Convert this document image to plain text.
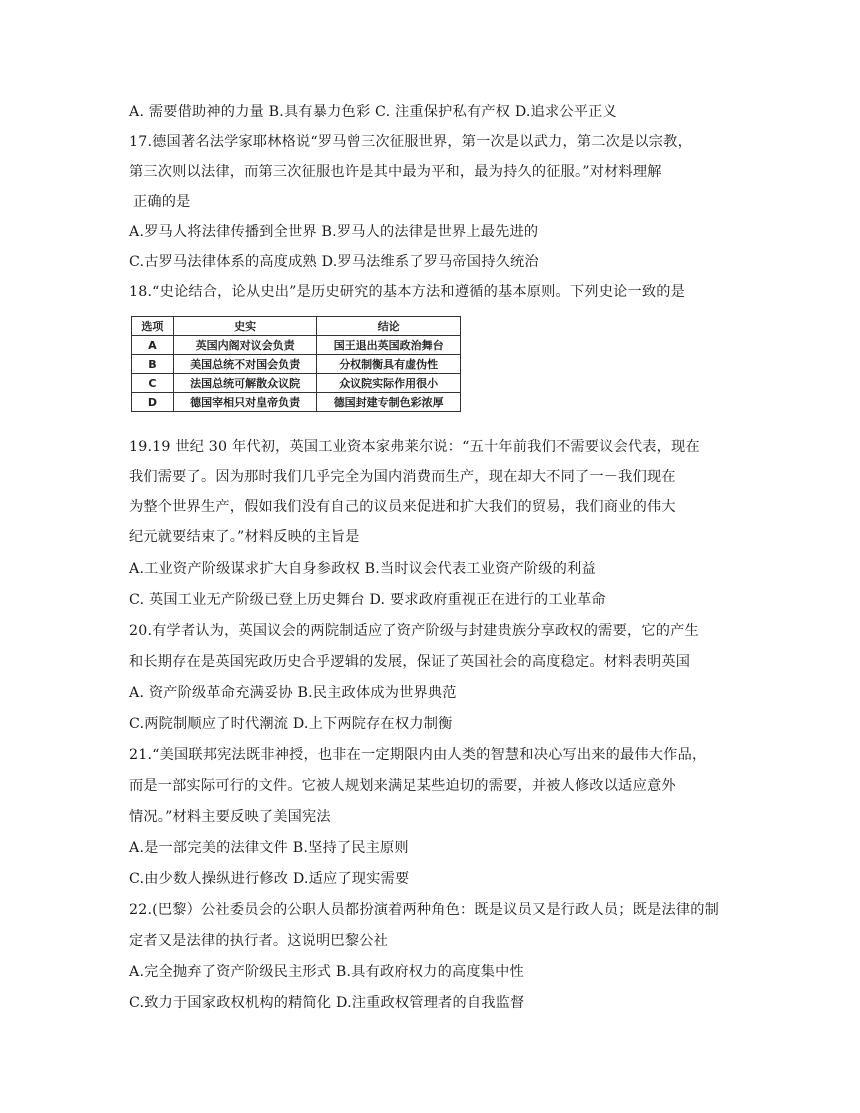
A. 需要借助神的力量 B.具有暴力色彩 C. 注重保护私有产权 D.追求公平正义
17.德国著名法学家耶林格说“罗马曾三次征服世界，第一次是以武力，第二次是以宗教，
第三次则以法律，而第三次征服也许是其中最为平和，最为持久的征服。”对材料理解
正确的是
A.罗马人将法律传播到全世界 B.罗马人的法律是世界上最先进的
C.古罗马法律体系的高度成熟 D.罗马法维系了罗马帝国持久统治
18.“史论结合，论从史出”是历史研究的基本方法和遵循的基本原则。下列史论一致的是
选项	史实	结论
A	英国内阁对议会负责	国王退出英国政治舞台
B	美国总统不对国会负责	分权制衡具有虚伪性
C	法国总统可解散众议院	众议院实际作用很小
D	德国宰相只对皇帝负责	德国封建专制色彩浓厚
19.19 世纪 30 年代初，英国工业资本家弗莱尔说：“五十年前我们不需要议会代表，现在
我们需要了。因为那时我们几乎完全为国内消费而生产，现在却大不同了一－我们现在
为整个世界生产，假如我们没有自己的议员来促进和扩大我们的贸易，我们商业的伟大
纪元就要结束了。”材料反映的主旨是
A.工业资产阶级谋求扩大自身参政权 B.当时议会代表工业资产阶级的利益
C. 英国工业无产阶级已登上历史舞台 D. 要求政府重视正在进行的工业革命
20.有学者认为，英国议会的两院制适应了资产阶级与封建贵族分享政权的需要，它的产生
和长期存在是英国宪政历史合乎逻辑的发展，保证了英国社会的高度稳定。材料表明英国
A. 资产阶级革命充满妥协 B.民主政体成为世界典范
C.两院制顺应了时代潮流 D.上下两院存在权力制衡
21.“美国联邦宪法既非神授，也非在一定期限内由人类的智慧和决心写出来的最伟大作品，
而是一部实际可行的文件。它被人规划来满足某些迫切的需要，并被人修改以适应意外
情况。”材料主要反映了美国宪法
A.是一部完美的法律文件 B.坚持了民主原则
C.由少数人操纵进行修改 D.适应了现实需要
22.(巴黎）公社委员会的公职人员都扮演着两种角色：既是议员又是行政人员；既是法律的制
定者又是法律的执行者。这说明巴黎公社
A.完全抛弃了资产阶级民主形式 B.具有政府权力的高度集中性
C.致力于国家政权机构的精简化 D.注重政权管理者的自我监督
